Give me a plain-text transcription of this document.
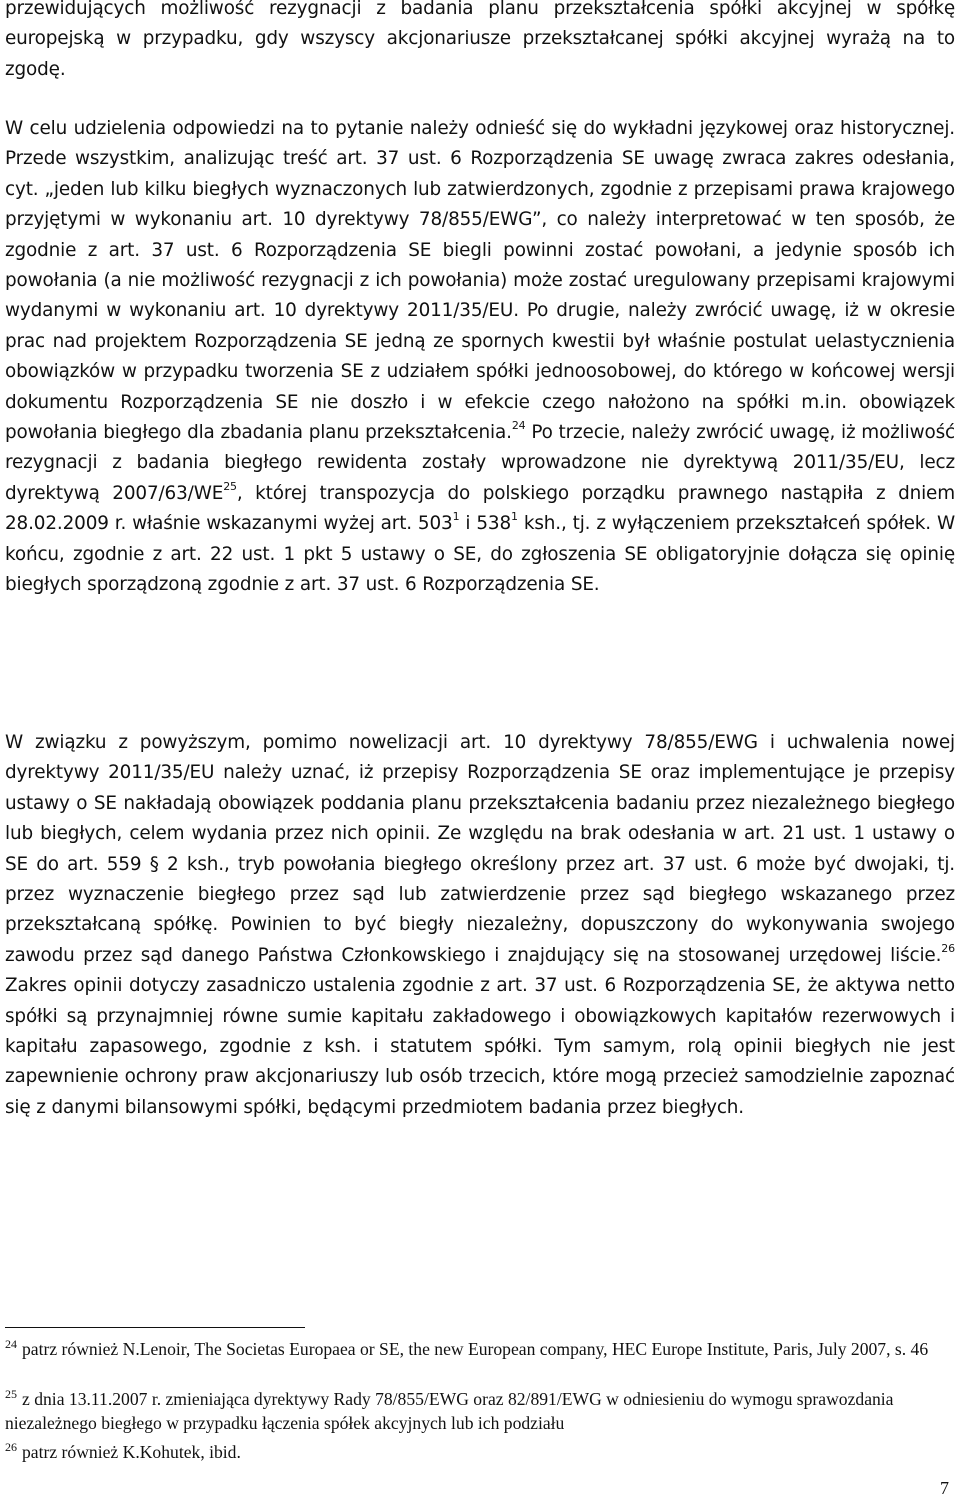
przewidujących możliwość rezygnacji z badania planu przekształcenia spółki akcyjnej w spółkę europejską w przypadku, gdy wszyscy akcjonariusze przekształcanej spółki akcyjnej wyrażą na to zgodę.

W celu udzielenia odpowiedzi na to pytanie należy odnieść się do wykładni językowej oraz historycznej. Przede wszystkim, analizując treść art. 37 ust. 6 Rozporządzenia SE uwagę zwraca zakres odesłania, cyt. „jeden lub kilku biegłych wyznaczonych lub zatwierdzonych, zgodnie z przepisami prawa krajowego przyjętymi w wykonaniu art. 10 dyrektywy 78/855/EWG”, co należy interpretować w ten sposób, że zgodnie z art. 37 ust. 6 Rozporządzenia SE biegli powinni zostać powołani, a jedynie sposób ich powołania (a nie możliwość rezygnacji z ich powołania) może zostać uregulowany przepisami krajowymi wydanymi w wykonaniu art. 10 dyrektywy 2011/35/EU. Po drugie, należy zwrócić uwagę, iż w okresie prac nad projektem Rozporządzenia SE jedną ze spornych kwestii był właśnie postulat uelastycznienia obowiązków w przypadku tworzenia SE z udziałem spółki jednoosobowej, do którego w końcowej wersji dokumentu Rozporządzenia SE nie doszło i w efekcie czego nałożono na spółki m.in. obowiązek powołania biegłego dla zbadania planu przekształcenia.$^{24}$ Po trzecie, należy zwrócić uwagę, iż możliwość rezygnacji z badania biegłego rewidenta zostały wprowadzone nie dyrektywą 2011/35/EU, lecz dyrektywą 2007/63/WE$^{25}$, której transpozycja do polskiego porządku prawnego nastąpiła z dniem 28.02.2009 r. właśnie wskazanymi wyżej art. $503^1$ i $538^1$ ksh., tj. z wyłączeniem przekształceń spółek. W końcu, zgodnie z art. 22 ust. 1 pkt 5 ustawy o SE, do zgłoszenia SE obligatoryjnie dołącza się opinię biegłych sporządzoną zgodnie z art. 37 ust. 6 Rozporządzenia SE.

W związku z powyższym, pomimo nowelizacji art. 10 dyrektywy 78/855/EWG i uchwalenia nowej dyrektywy 2011/35/EU należy uznać, iż przepisy Rozporządzenia SE oraz implementujące je przepisy ustawy o SE nakładają obowiązek poddania planu przekształcenia badaniu przez niezależnego biegłego lub biegłych, celem wydania przez nich opinii. Ze względu na brak odesłania w art. 21 ust. 1 ustawy o SE do art. 559 § 2 ksh., tryb powołania biegłego określony przez art. 37 ust. 6 może być dwojaki, tj. przez wyznaczenie biegłego przez sąd lub zatwierdzenie przez sąd biegłego wskazanego przez przekształcaną spółkę. Powinien to być biegły niezależny, dopuszczony do wykonywania swojego zawodu przez sąd danego Państwa Członkowskiego i znajdujący się na stosowanej urzędowej liście.$^{26}$ Zakres opinii dotyczy zasadniczo ustalenia zgodnie z art. 37 ust. 6 Rozporządzenia SE, że aktywa netto spółki są przynajmniej równe sumie kapitału zakładowego i obowiązkowych kapitałów rezerwowych i kapitału zapasowego, zgodnie z ksh. i statutem spółki. Tym samym, rolą opinii biegłych nie jest zapewnienie ochrony praw akcjonariuszy lub osób trzecich, które mogą przecież samodzielnie zapoznać się z danymi bilansowymi spółki, będącymi przedmiotem badania przez biegłych.

$^{24}$ patrz również N.Lenoir, The Societas Europaea or SE, the new European company, HEC Europe Institute, Paris, July 2007, s. 46

$^{25}$ z dnia 13.11.2007 r. zmieniająca dyrektywy Rady 78/855/EWG oraz 82/891/EWG w odniesieniu do wymogu sprawozdania niezależnego biegłego w przypadku łączenia spółek akcyjnych lub ich podziału

$^{26}$ patrz również K.Kohutek, ibid.

7
